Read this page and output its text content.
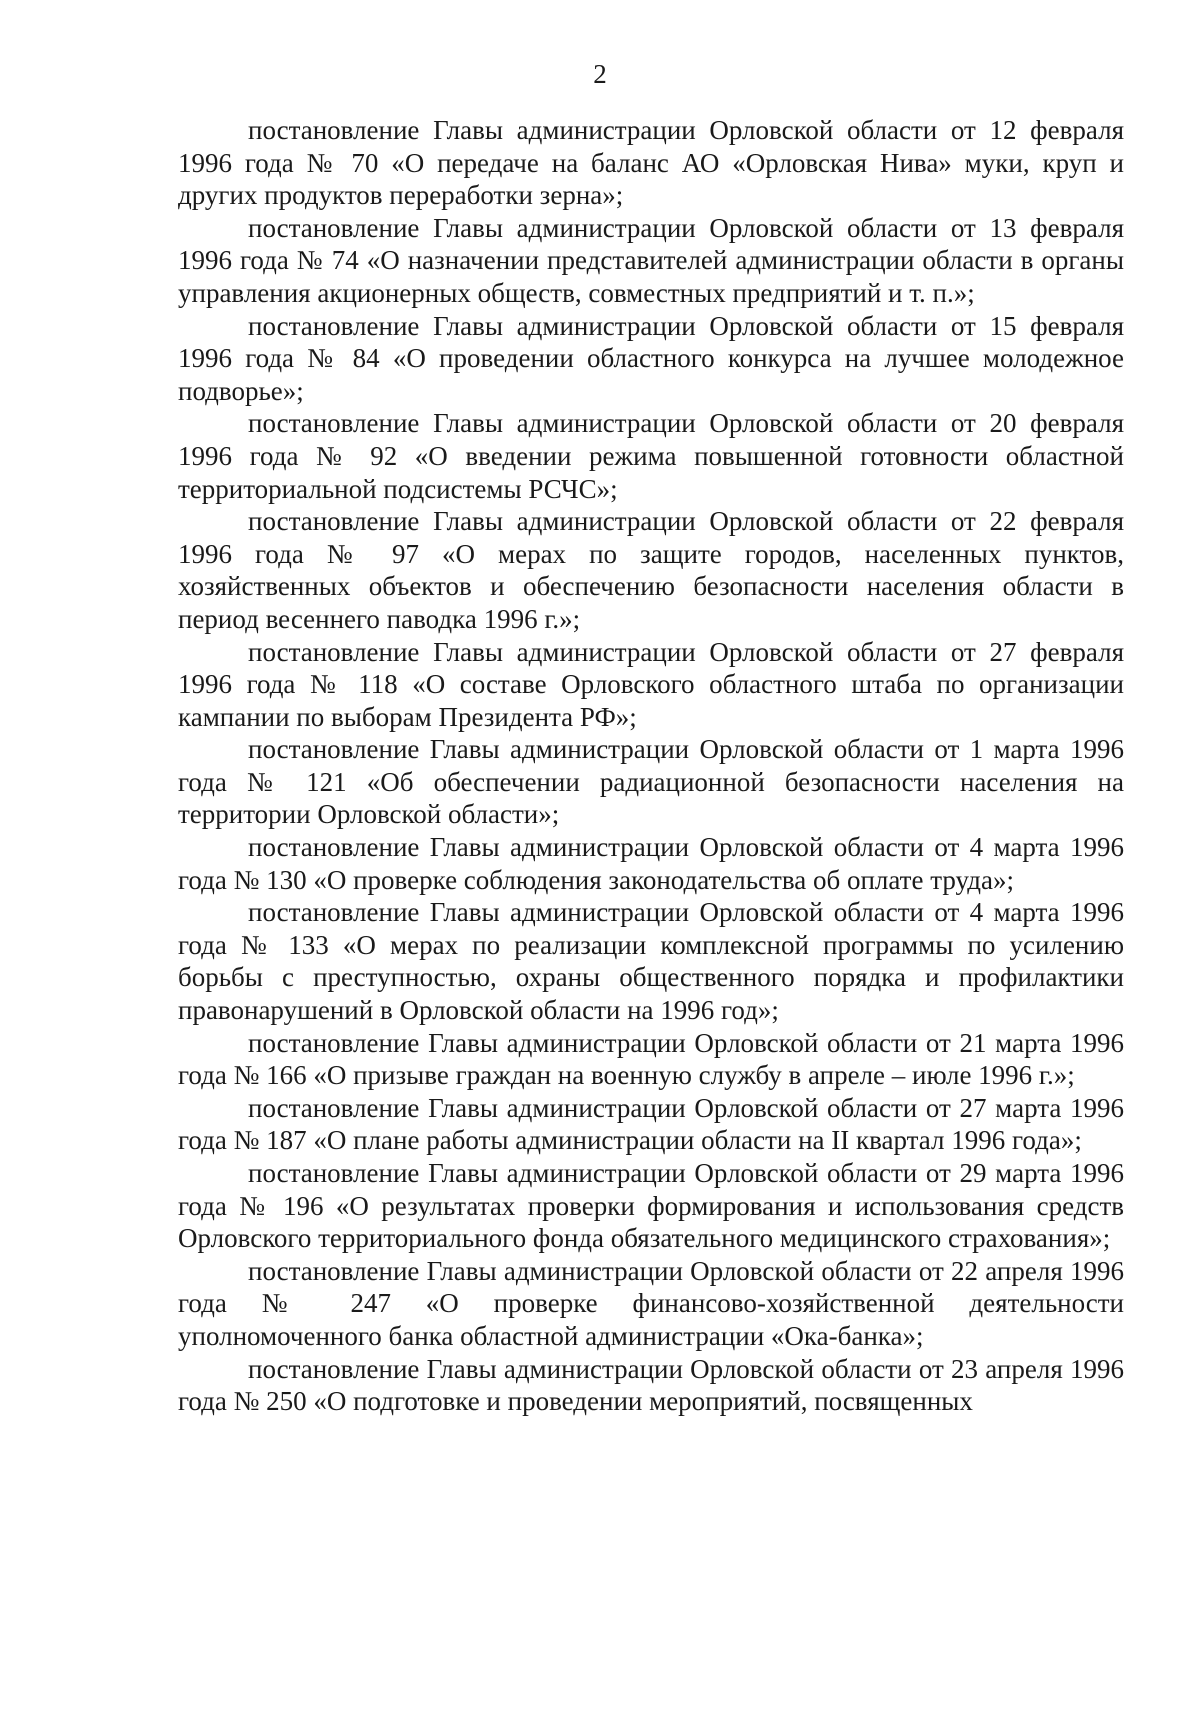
2

постановление Главы администрации Орловской области от 12 февраля 1996 года № 70 «О передаче на баланс АО «Орловская Нива» муки, круп и других продуктов переработки зерна»;

постановление Главы администрации Орловской области от 13 февраля 1996 года № 74 «О назначении представителей администрации области в органы управления акционерных обществ, совместных предприятий и т. п.»;

постановление Главы администрации Орловской области от 15 февраля 1996 года № 84 «О проведении областного конкурса на лучшее молодежное подворье»;

постановление Главы администрации Орловской области от 20 февраля 1996 года № 92 «О введении режима повышенной готовности областной территориальной подсистемы РСЧС»;

постановление Главы администрации Орловской области от 22 февраля 1996 года № 97 «О мерах по защите городов, населенных пунктов, хозяйственных объектов и обеспечению безопасности населения области в период весеннего паводка 1996 г.»;

постановление Главы администрации Орловской области от 27 февраля 1996 года № 118 «О составе Орловского областного штаба по организации кампании по выборам Президента РФ»;

постановление Главы администрации Орловской области от 1 марта 1996 года № 121 «Об обеспечении радиационной безопасности населения на территории Орловской области»;

постановление Главы администрации Орловской области от 4 марта 1996 года № 130 «О проверке соблюдения законодательства об оплате труда»;

постановление Главы администрации Орловской области от 4 марта 1996 года № 133 «О мерах по реализации комплексной программы по усилению борьбы с преступностью, охраны общественного порядка и профилактики правонарушений в Орловской области на 1996 год»;

постановление Главы администрации Орловской области от 21 марта 1996 года № 166 «О призыве граждан на военную службу в апреле – июле 1996 г.»;

постановление Главы администрации Орловской области от 27 марта 1996 года № 187 «О плане работы администрации области на II квартал 1996 года»;

постановление Главы администрации Орловской области от 29 марта 1996 года № 196 «О результатах проверки формирования и использования средств Орловского территориального фонда обязательного медицинского страхования»;

постановление Главы администрации Орловской области от 22 апреля 1996 года № 247 «О проверке финансово-хозяйственной деятельности уполномоченного банка областной администрации «Ока-банка»;

постановление Главы администрации Орловской области от 23 апреля 1996 года № 250 «О подготовке и проведении мероприятий, посвященных
